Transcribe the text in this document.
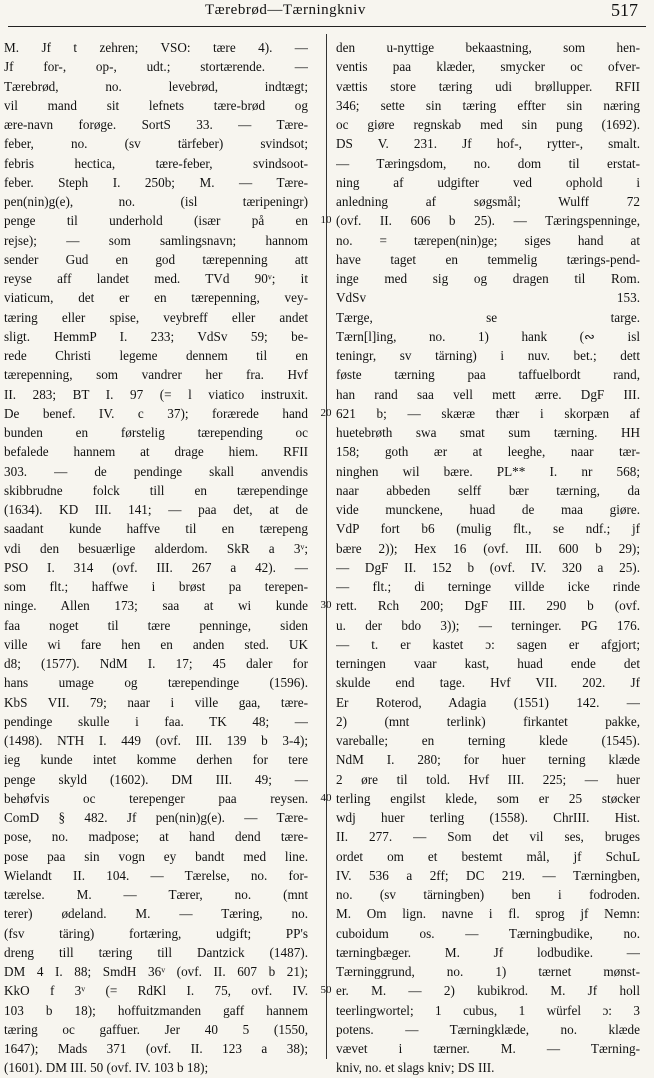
Tærebrød—Tærningkniv	517
M. Jf t zehren; VSO: tære 4). —
Jf for-, op-, udt.; stortærende. —
Tærebrød, no. levebrød, indtægt;
vil mand sit lefnets tære-brød og
ære-navn forøge. SortS 33. — Tære-
feber, no. (sv tärfeber) svindsot;
febris hectica, tære-feber, svindsoot-
feber. Steph I. 250b; M. — Tære-
pen(nin)g(e), no. (isl tæripeningr)
penge til underhold (især på en
rejse); — som samlingsnavn; hannom
sender Gud en god tærepenning att
reyse aff landet med. TVd 90ᵛ; it
viaticum, det er en tærepenning, vey-
tæring eller spise, veybreff eller andet
sligt. HemmP I. 233; VdSv 59; be-
rede Christi legeme dennem til en
tærepenning, som vandrer her fra. Hvf
II. 283; BT I. 97 (= l viatico instruxit.
De benef. IV. c 37); forærede hand
bunden en førstelig tærepending oc
befalede hannem at drage hiem. RFII
303. — de pendinge skall anvendis
skibbrudne folck till en tærependinge
(1634). KD III. 141; — paa det, at de
saadant kunde haffve til en tærepeng
vdi den besuærlige alderdom. SkR a 3ᵛ;
PSO I. 314 (ovf. III. 267 a 42). —
som flt.; haffwe i brøst pa terepen-
ninge. Allen 173; saa at wi kunde
faa noget til tære penninge, siden
ville wi fare hen en anden sted. UK
d8; (1577). NdM I. 17; 45 daler for
hans umage og tærependinge (1596).
KbS VII. 79; naar i ville gaa, tære-
pendinge skulle i faa. TK 48; —
(1498). NTH I. 449 (ovf. III. 139 b 3-4);
ieg kunde intet komme derhen for tere
penge skyld (1602). DM III. 49; —
behøfvis oc terepenger paa reysen.
ComD § 482. Jf pen(nin)g(e). — Tære-
pose, no. madpose; at hand dend tære-
pose paa sin vogn ey bandt med line.
Wielandt II. 104. — Tærelse, no. for-
tærelse. M. — Tærer, no. (mnt
terer) ødeland. M. — Tæring, no.
(fsv täring) fortæring, udgift; PP's
dreng till tæring till Dantzick (1487).
DM 4 I. 88; SmdH 36ᵛ (ovf. II. 607 b 21);
KkO f 3ᵛ (= RdKl I. 75, ovf. IV.
103 b 18); hoffuitzmanden gaff hannem
tæring oc gaffuer. Jer 40 5 (1550,
1647); Mads 371 (ovf. II. 123 a 38);
(1601). DM III. 50 (ovf. IV. 103 b 18);
den u-nyttige bekaastning, som hen-
ventis paa klæder, smycker oc ofver-
vættis store tæring udi brøllupper. RFII
346; sette sin tæring effter sin næring
oc giøre regnskab med sin pung (1692).
DS V. 231. Jf hof-, rytter-, smalt.
— Tæringsdom, no. dom til erstat-
ning af udgifter ved ophold i
anledning af søgsmål; Wulff 72
(ovf. II. 606 b 25). — Tæringspenninge,
no. = tærepen(nin)ge; siges hand at
have taget en temmelig tærings-pend-
inge med sig og dragen til Rom.
VdSv 153.
Tærge, se targe.
Tærn[l]ing, no. 1) hank (∾ isl
teningr, sv tärning) i nuv. bet.; dett
føste tærning paa taffuelbordt rand,
han rand saa vell mett ærre. DgF III.
621 b; — skæræ thær i skorpæn af
huetebrøth swa smat sum tærning. HH
158; goth ær at leeghe, naar tær-
ninghen wil bære. PL** I. nr 568;
naar abbeden selff bær tærning, da
vide munckene, huad de maa giøre.
VdP fort b6 (mulig flt., se ndf.; jf
bære 2)); Hex 16 (ovf. III. 600 b 29);
— DgF II. 152 b (ovf. IV. 320 a 25).
— flt.; di terninge villde icke rinde
rett. Rch 200; DgF III. 290 b (ovf.
u. der bdo 3)); — terninger. PG 176.
— t. er kastet ɔ: sagen er afgjort;
terningen vaar kast, huad ende det
skulde end tage. Hvf VII. 202. Jf
Er Roterod, Adagia (1551) 142. —
2) (mnt terlink) firkantet pakke,
vareballe; en terning klede (1545).
NdM I. 280; for huer terning klæde
2 øre til told. Hvf III. 225; — huer
terling engilst klede, som er 25 støcker
wdj huer terling (1558). ChrIII. Hist.
II. 277. — Som det vil ses, bruges
ordet om et bestemt mål, jf SchuL
IV. 536 a 2ff; DC 219. — Tærningben,
no. (sv tärningben) ben i fodroden.
M. Om lign. navne i fl. sprog jf Nemn:
cuboidum os. — Tærningbudike, no.
tærningbæger. M. Jf lodbudike. —
Tærninggrund, no. 1) tærnet mønst-
er. M. — 2) kubikrod. M. Jf holl
teerlingwortel; 1 cubus, 1 würfel ɔ: 3
potens. — Tærningklæde, no. klæde
vævet i tærner. M. — Tærning-
kniv, no. et slags kniv; DS III.
10
20
30
40
50
